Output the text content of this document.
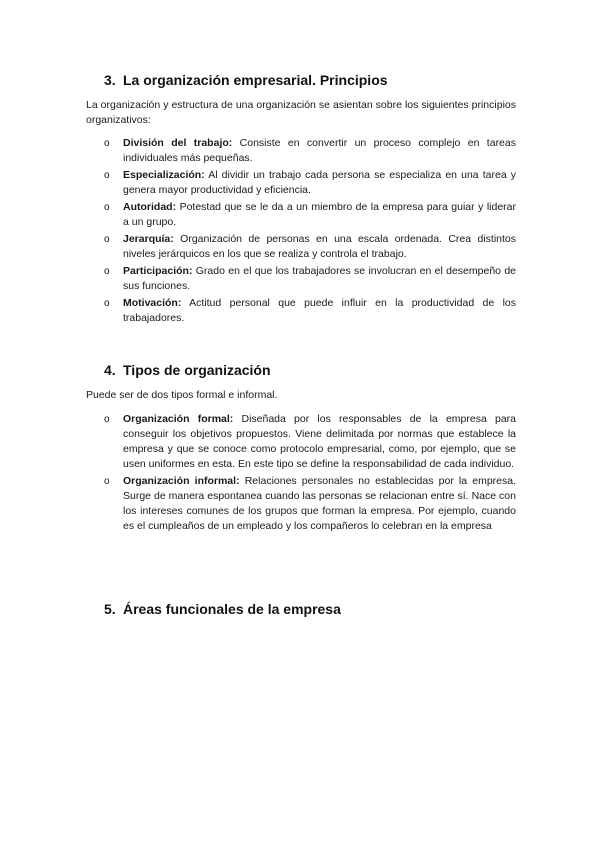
3. La organización empresarial. Principios

La organización y estructura de una organización se asientan sobre los siguientes principios organizativos:

o División del trabajo: Consiste en convertir un proceso complejo en tareas individuales más pequeñas.
o Especialización: Al dividir un trabajo cada persona se especializa en una tarea y genera mayor productividad y eficiencia.
o Autoridad: Potestad que se le da a un miembro de la empresa para guiar y liderar a un grupo.
o Jerarquía: Organización de personas en una escala ordenada. Crea distintos niveles jerárquicos en los que se realiza y controla el trabajo.
o Participación: Grado en el que los trabajadores se involucran en el desempeño de sus funciones.
o Motivación: Actitud personal que puede influir en la productividad de los trabajadores.
4. Tipos de organización

Puede ser de dos tipos formal e informal.

o Organización formal: Diseñada por los responsables de la empresa para conseguir los objetivos propuestos. Viene delimitada por normas que establece la empresa y que se conoce como protocolo empresarial, como, por ejemplo, que se usen uniformes en esta. En este tipo se define la responsabilidad de cada individuo.
o Organización informal: Relaciones personales no establecidas por la empresa. Surge de manera espontanea cuando las personas se relacionan entre sí. Nace con los intereses comunes de los grupos que forman la empresa. Por ejemplo, cuando es el cumpleaños de un empleado y los compañeros lo celebran en la empresa
5. Áreas funcionales de la empresa
